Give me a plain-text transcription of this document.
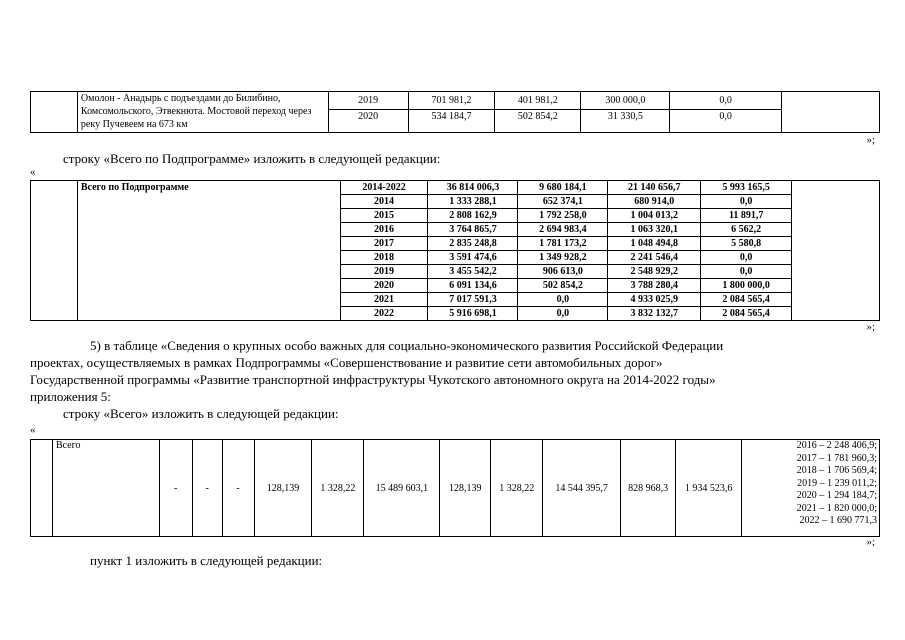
	Омолон - Анадырь с подъездами до Билибино, Комсомольского, Этвекнюта. Мостовой переход через реку Пучевеем на 673 км	2019	701 981,2	401 981,2	300 000,0	0,0	
		2020	534 184,7	502 854,2	31 330,5	0,0	
»;
строку «Всего по Подпрограмме» изложить в следующей редакции:
«
	Всего по Подпрограмме	2014-2022	36 814 006,3	9 680 184,1	21 140 656,7	5 993 165,5	
		2014	1 333 288,1	652 374,1	680 914,0	0,0	
		2015	2 808 162,9	1 792 258,0	1 004 013,2	11 891,7	
		2016	3 764 865,7	2 694 983,4	1 063 320,1	6 562,2	
		2017	2 835 248,8	1 781 173,2	1 048 494,8	5 580,8	
		2018	3 591 474,6	1 349 928,2	2 241 546,4	0,0	
		2019	3 455 542,2	906 613,0	2 548 929,2	0,0	
		2020	6 091 134,6	502 854,2	3 788 280,4	1 800 000,0	
		2021	7 017 591,3	0,0	4 933 025,9	2 084 565,4	
		2022	5 916 698,1	0,0	3 832 132,7	2 084 565,4	
»;
5) в таблице «Сведения о крупных особо важных для социально-экономического развития Российской Федерации
проектах, осуществляемых в рамках Подпрограммы «Совершенствование и развитие сети автомобильных дорог»
Государственной программы «Развитие транспортной инфраструктуры Чукотского автономного округа на 2014-2022 годы»
приложения 5:
строку «Всего» изложить в следующей редакции:
«
	Всего	-	-	-	128,139	1 328,22	15 489 603,1	128,139	1 328,22	14 544 395,7	828 968,3	1 934 523,6	
2016 – 2 248 406,9;
2017 – 1 781 960,3;
2018 – 1 706 569,4;
2019 – 1 239 011,2;
2020 – 1 294 184,7;
2021 – 1 820 000,0;
2022 – 1 690 771,3
»;
пункт 1 изложить в следующей редакции:
